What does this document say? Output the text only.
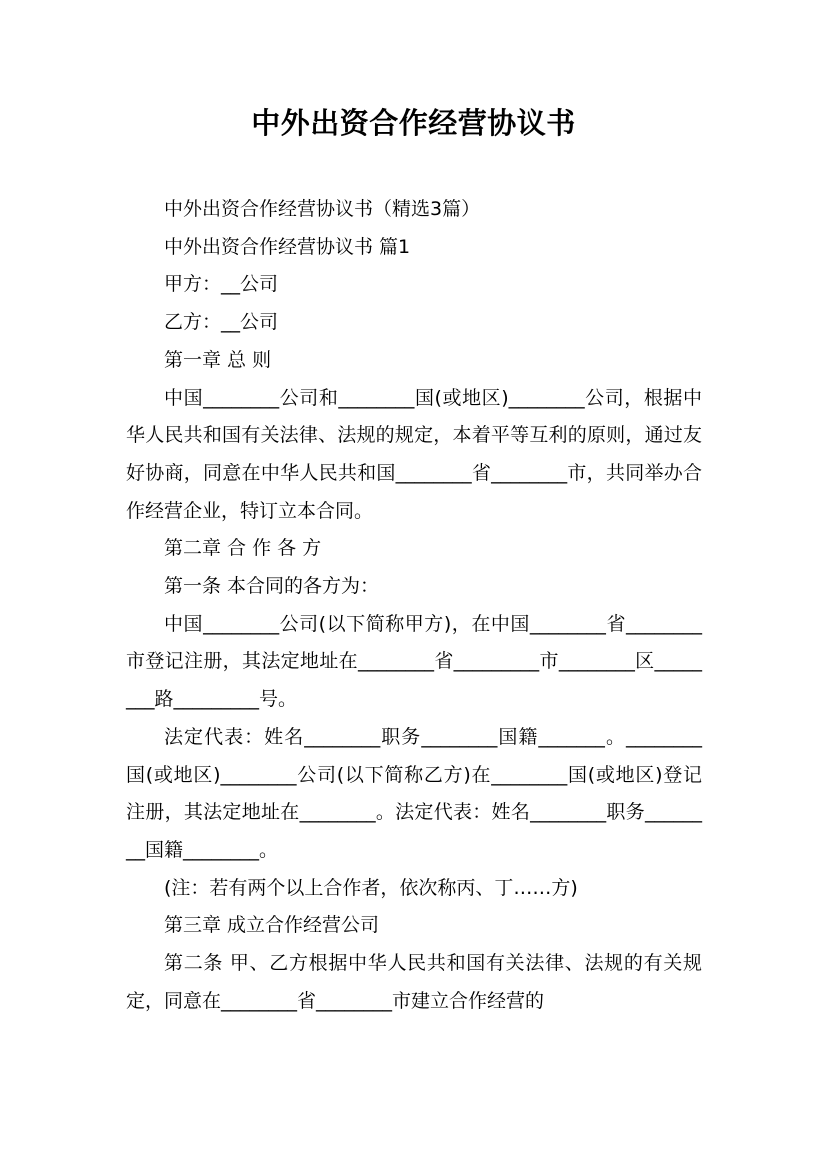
中外出资合作经营协议书

中外出资合作经营协议书（精选3篇）

中外出资合作经营协议书 篇1

甲方：__公司

乙方：__公司

第一章 总 则

中国________公司和________国(或地区)________公司，根据中华人民共和国有关法律、法规的规定，本着平等互利的原则，通过友好协商，同意在中华人民共和国________省________市，共同举办合作经营企业，特订立本合同。

第二章 合 作 各 方

第一条 本合同的各方为：

中国________公司(以下简称甲方)，在中国________省________市登记注册，其法定地址在________省_________市________区________路_________号。

法定代表：姓名________职务________国籍_______。________国(或地区)________公司(以下简称乙方)在________国(或地区)登记注册，其法定地址在________。法定代表：姓名________职务________国籍________。

(注：若有两个以上合作者，依次称丙、丁……方)

第三章 成立合作经营公司

第二条 甲、乙方根据中华人民共和国有关法律、法规的有关规定，同意在________省________市建立合作经营的
